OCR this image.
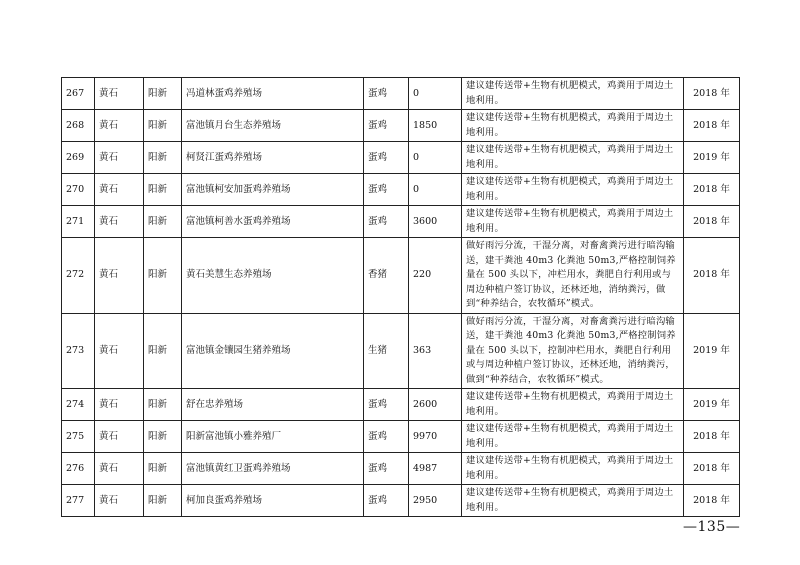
267	黄石	阳新	冯道林蛋鸡养殖场	蛋鸡	0	建议建传送带+生物有机肥模式，鸡粪用于周边土地利用。	2018 年
268	黄石	阳新	富池镇月台生态养殖场	蛋鸡	1850	建议建传送带+生物有机肥模式，鸡粪用于周边土地利用。	2018 年
269	黄石	阳新	柯贤江蛋鸡养殖场	蛋鸡	0	建议建传送带+生物有机肥模式，鸡粪用于周边土地利用。	2019 年
270	黄石	阳新	富池镇柯安加蛋鸡养殖场	蛋鸡	0	建议建传送带+生物有机肥模式，鸡粪用于周边土地利用。	2018 年
271	黄石	阳新	富池镇柯善水蛋鸡养殖场	蛋鸡	3600	建议建传送带+生物有机肥模式，鸡粪用于周边土地利用。	2018 年
272	黄石	阳新	黄石美慧生态养殖场	香猪	220	做好雨污分流，干湿分离，对畜禽粪污进行暗沟输送，建干粪池 40m3 化粪池 50m3,严格控制饲养量在 500 头以下，冲栏用水，粪肥自行利用或与周边种植户签订协议，还林还地，消纳粪污，做到“种养结合，农牧循环”模式。	2018 年
273	黄石	阳新	富池镇金镶园生猪养殖场	生猪	363	做好雨污分流，干湿分离，对畜禽粪污进行暗沟输送，建干粪池 40m3 化粪池 50m3,严格控制饲养量在 500 头以下，控制冲栏用水，粪肥自行利用或与周边种植户签订协议，还林还地，消纳粪污，做到“种养结合，农牧循环”模式。	2019 年
274	黄石	阳新	舒在忠养殖场	蛋鸡	2600	建议建传送带+生物有机肥模式，鸡粪用于周边土地利用。	2019 年
275	黄石	阳新	阳新富池镇小雅养殖厂	蛋鸡	9970	建议建传送带+生物有机肥模式，鸡粪用于周边土地利用。	2018 年
276	黄石	阳新	富池镇黄红卫蛋鸡养殖场	蛋鸡	4987	建议建传送带+生物有机肥模式，鸡粪用于周边土地利用。	2018 年
277	黄石	阳新	柯加良蛋鸡养殖场	蛋鸡	2950	建议建传送带+生物有机肥模式，鸡粪用于周边土地利用。	2018 年
—135—
